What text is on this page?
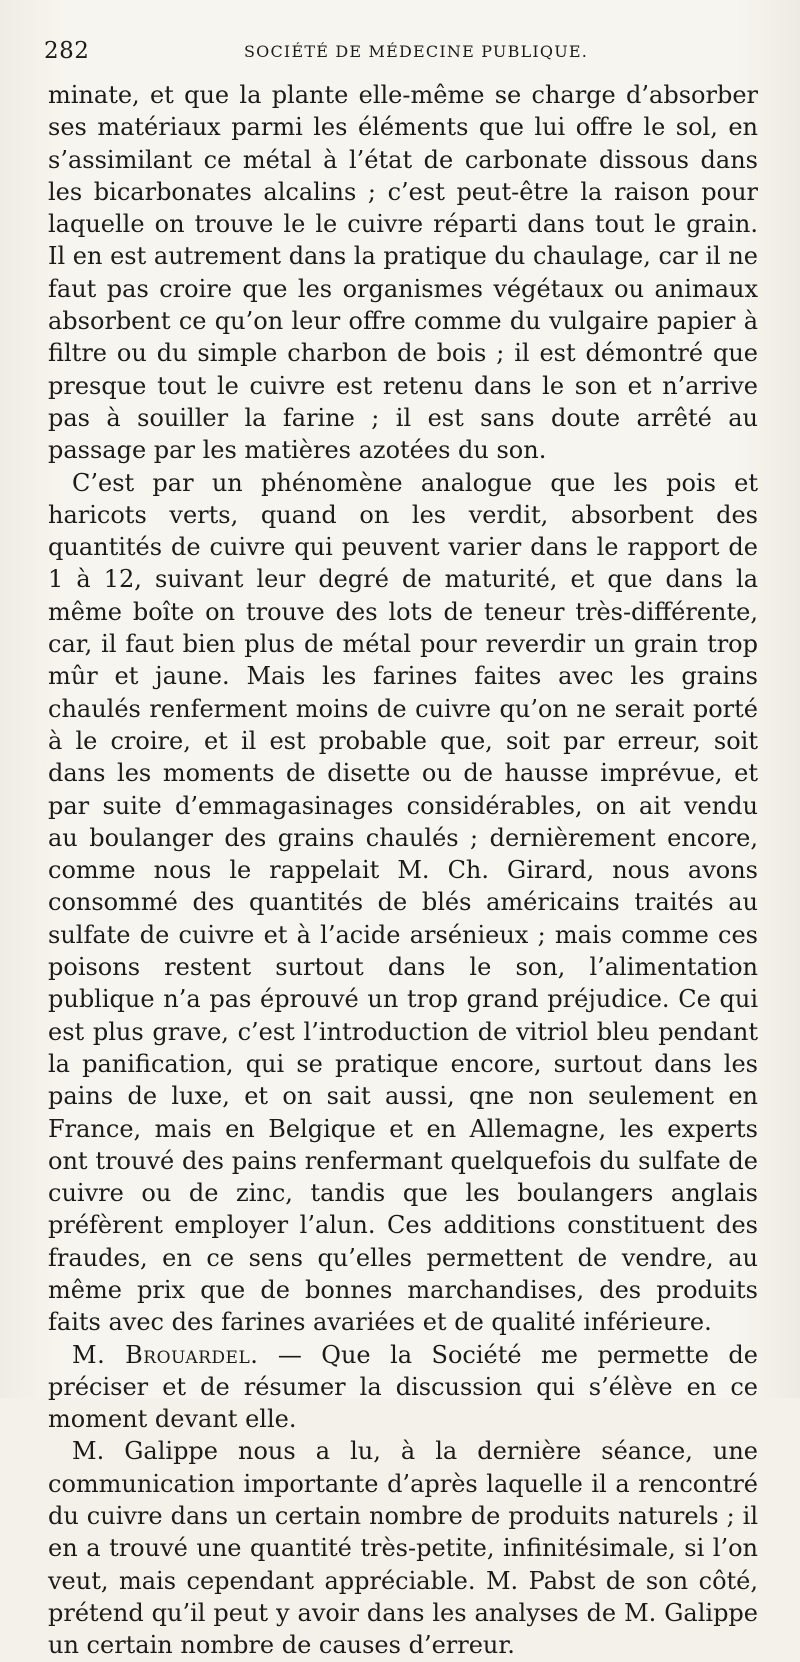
282	SOCIÉTÉ DE MÉDECINE PUBLIQUE.

minate, et que la plante elle-même se charge d’absorber ses matériaux parmi les éléments que lui offre le sol, en s’assimilant ce métal à l’état de carbonate dissous dans les bicarbonates alcalins ; c’est peut-être la raison pour laquelle on trouve le le cuivre réparti dans tout le grain. Il en est autrement dans la pratique du chaulage, car il ne faut pas croire que les organismes végétaux ou animaux absorbent ce qu’on leur offre comme du vulgaire papier à filtre ou du simple charbon de bois ; il est démontré que presque tout le cuivre est retenu dans le son et n’arrive pas à souiller la farine ; il est sans doute arrêté au passage par les matières azotées du son.

C’est par un phénomène analogue que les pois et haricots verts, quand on les verdit, absorbent des quantités de cuivre qui peuvent varier dans le rapport de 1 à 12, suivant leur degré de maturité, et que dans la même boîte on trouve des lots de teneur très-différente, car, il faut bien plus de métal pour reverdir un grain trop mûr et jaune. Mais les farines faites avec les grains chaulés renferment moins de cuivre qu’on ne serait porté à le croire, et il est probable que, soit par erreur, soit dans les moments de disette ou de hausse imprévue, et par suite d’emmagasinages considérables, on ait vendu au boulanger des grains chaulés ; dernièrement encore, comme nous le rappelait M. Ch. Girard, nous avons consommé des quantités de blés américains traités au sulfate de cuivre et à l’acide arsénieux ; mais comme ces poisons restent surtout dans le son, l’alimentation publique n’a pas éprouvé un trop grand préjudice. Ce qui est plus grave, c’est l’introduction de vitriol bleu pendant la panification, qui se pratique encore, surtout dans les pains de luxe, et on sait aussi, qne non seulement en France, mais en Belgique et en Allemagne, les experts ont trouvé des pains renfermant quelquefois du sulfate de cuivre ou de zinc, tandis que les boulangers anglais préfèrent employer l’alun. Ces additions constituent des fraudes, en ce sens qu’elles permettent de vendre, au même prix que de bonnes marchandises, des produits faits avec des farines avariées et de qualité inférieure.

M. Brouardel. — Que la Société me permette de préciser et de résumer la discussion qui s’élève en ce moment devant elle.

M. Galippe nous a lu, à la dernière séance, une communication importante d’après laquelle il a rencontré du cuivre dans un certain nombre de produits naturels ; il en a trouvé une quantité très-petite, infinitésimale, si l’on veut, mais cependant appréciable. M. Pabst de son côté, prétend qu’il peut y avoir dans les analyses de M. Galippe un certain nombre de causes d’erreur.
